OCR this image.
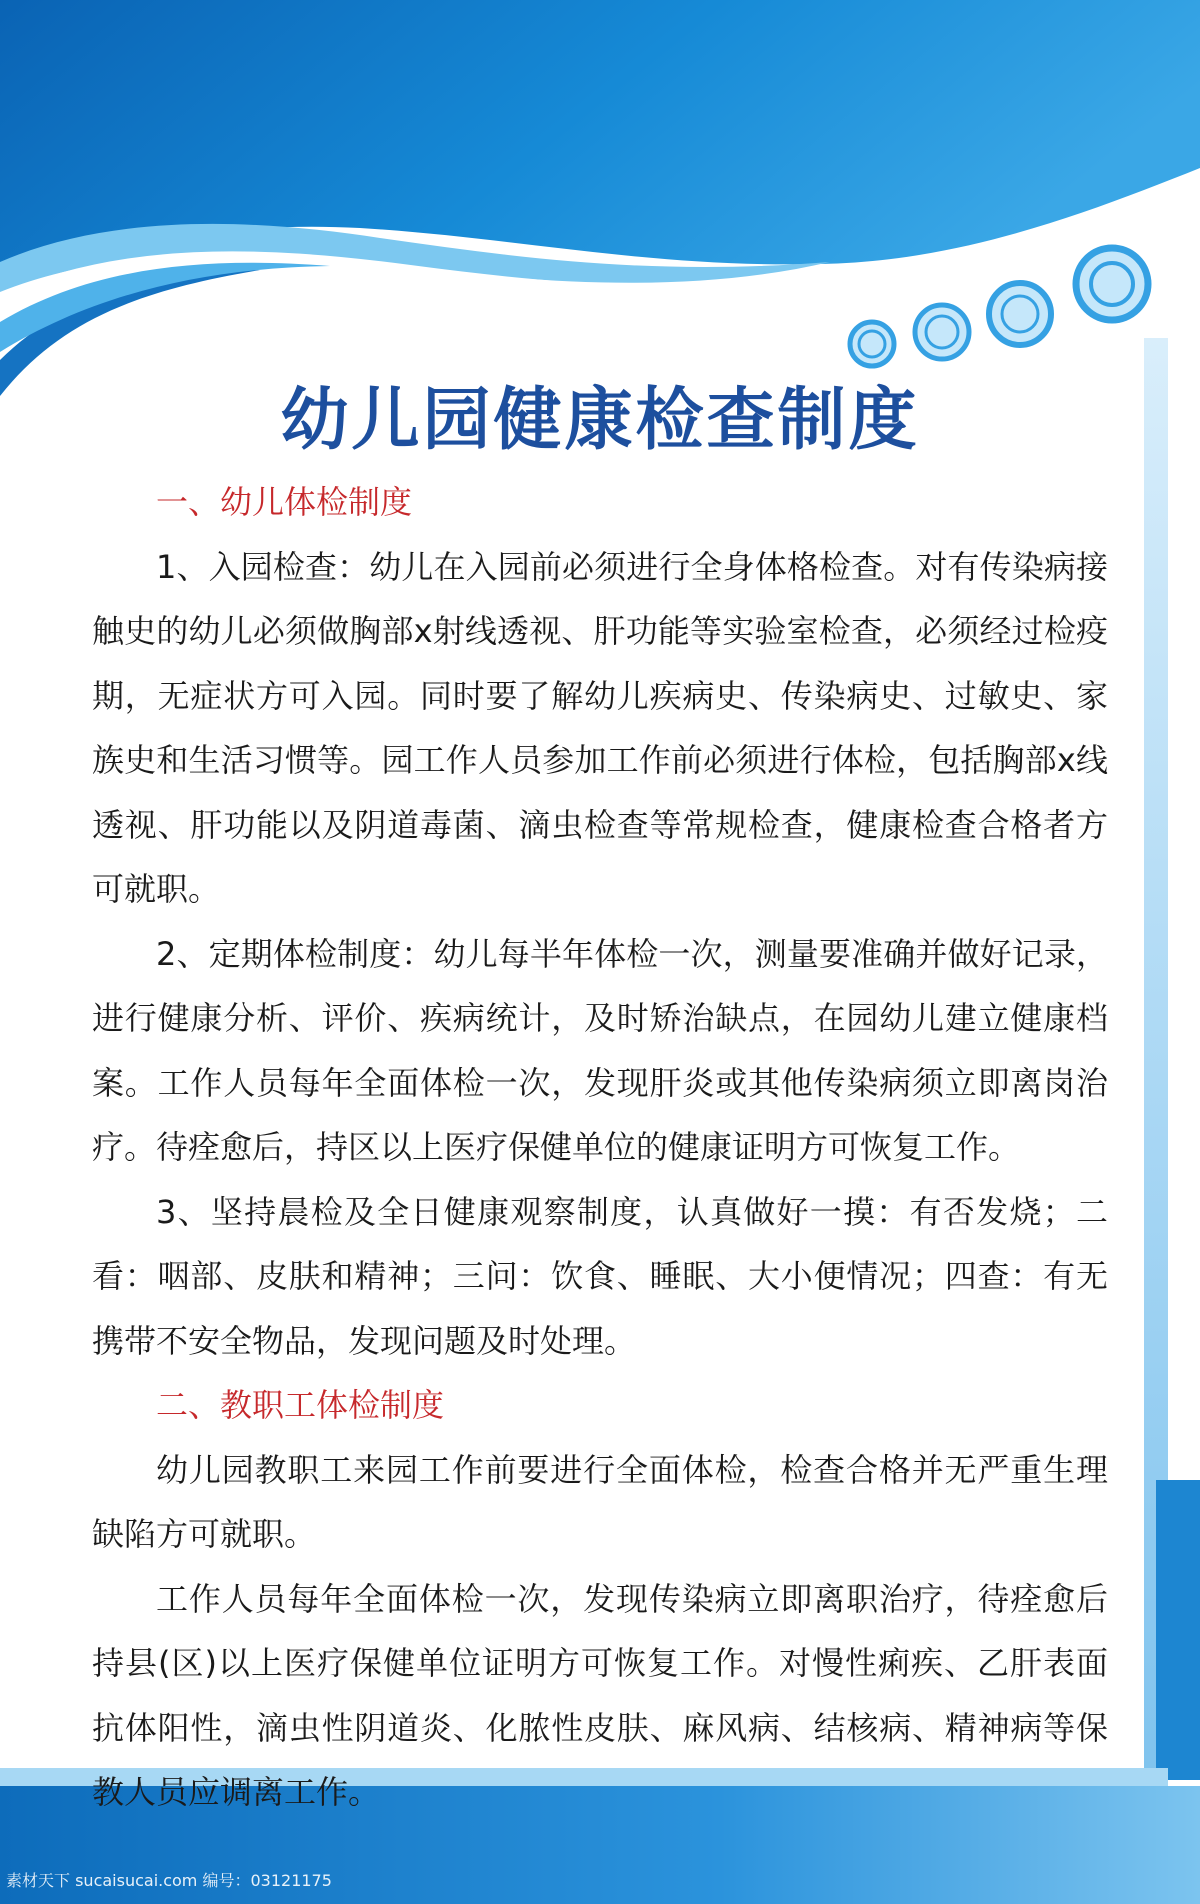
幼儿园健康检查制度
一、幼儿体检制度

1、入园检查：幼儿在入园前必须进行全身体格检查。对有传染病接触史的幼儿必须做胸部x射线透视、肝功能等实验室检查，必须经过检疫期，无症状方可入园。同时要了解幼儿疾病史、传染病史、过敏史、家族史和生活习惯等。园工作人员参加工作前必须进行体检，包括胸部x线透视、肝功能以及阴道毒菌、滴虫检查等常规检查，健康检查合格者方可就职。

2、定期体检制度：幼儿每半年体检一次，测量要准确并做好记录，进行健康分析、评价、疾病统计，及时矫治缺点，在园幼儿建立健康档案。工作人员每年全面体检一次，发现肝炎或其他传染病须立即离岗治疗。待痊愈后，持区以上医疗保健单位的健康证明方可恢复工作。

3、坚持晨检及全日健康观察制度，认真做好一摸：有否发烧；二看：咽部、皮肤和精神；三问：饮食、睡眠、大小便情况；四查：有无携带不安全物品，发现问题及时处理。

二、教职工体检制度

幼儿园教职工来园工作前要进行全面体检，检查合格并无严重生理缺陷方可就职。

工作人员每年全面体检一次，发现传染病立即离职治疗，待痊愈后持县(区)以上医疗保健单位证明方可恢复工作。对慢性痢疾、乙肝表面抗体阳性，滴虫性阴道炎、化脓性皮肤、麻风病、结核病、精神病等保教人员应调离工作。

素材天下 sucaisucai.com 编号：03121175
